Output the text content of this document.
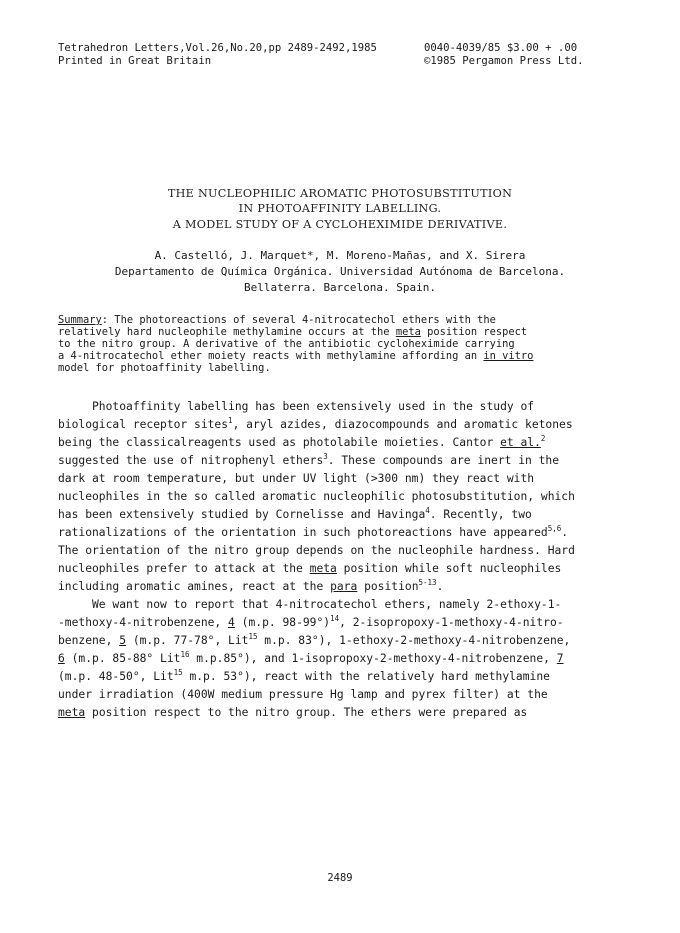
Tetrahedron Letters,Vol.26,No.20,pp 2489-2492,1985	0040-4039/85 $3.00 + .00
Printed in Great Britain	©1985 Pergamon Press Ltd.
THE NUCLEOPHILIC AROMATIC PHOTOSUBSTITUTION
IN PHOTOAFFINITY LABELLING.
A MODEL STUDY OF A CYCLOHEXIMIDE DERIVATIVE.
A. Castelló, J. Marquet*, M. Moreno-Mañas, and X. Sirera
Departamento de Química Orgánica. Universidad Autónoma de Barcelona.
Bellaterra. Barcelona. Spain.
Summary: The photoreactions of several 4-nitrocatechol ethers with the
relatively hard nucleophile methylamine occurs at the meta position respect
to the nitro group. A derivative of the antibiotic cycloheximide carrying
a 4-nitrocatechol ether moiety reacts with methylamine affording an in vitro
model for photoaffinity labelling.
Photoaffinity labelling has been extensively used in the study of
biological receptor sites$^1$, aryl azides, diazocompounds and aromatic ketones
being the classicalreagents used as photolabile moieties. Cantor et al.$^2$
suggested the use of nitrophenyl ethers$^3$. These compounds are inert in the
dark at room temperature, but under UV light (>300 nm) they react with
nucleophiles in the so called aromatic nucleophilic photosubstitution, which
has been extensively studied by Cornelisse and Havinga$^4$. Recently, two
rationalizations of the orientation in such photoreactions have appeared$^{5,6}$.
The orientation of the nitro group depends on the nucleophile hardness. Hard
nucleophiles prefer to attack at the meta position while soft nucleophiles
including aromatic amines, react at the para position$^{5-13}$.
We want now to report that 4-nitrocatechol ethers, namely 2-ethoxy-1-
-methoxy-4-nitrobenzene, 4 (m.p. 98-99°)$^{14}$, 2-isopropoxy-1-methoxy-4-nitro-
benzene, 5 (m.p. 77-78°, Lit$^{15}$ m.p. 83°), 1-ethoxy-2-methoxy-4-nitrobenzene,
6 (m.p. 85-88° Lit$^{16}$ m.p.85°), and 1-isopropoxy-2-methoxy-4-nitrobenzene, 7
(m.p. 48-50°, Lit$^{15}$ m.p. 53°), react with the relatively hard methylamine
under irradiation (400W medium pressure Hg lamp and pyrex filter) at the
meta position respect to the nitro group. The ethers were prepared as
2489
